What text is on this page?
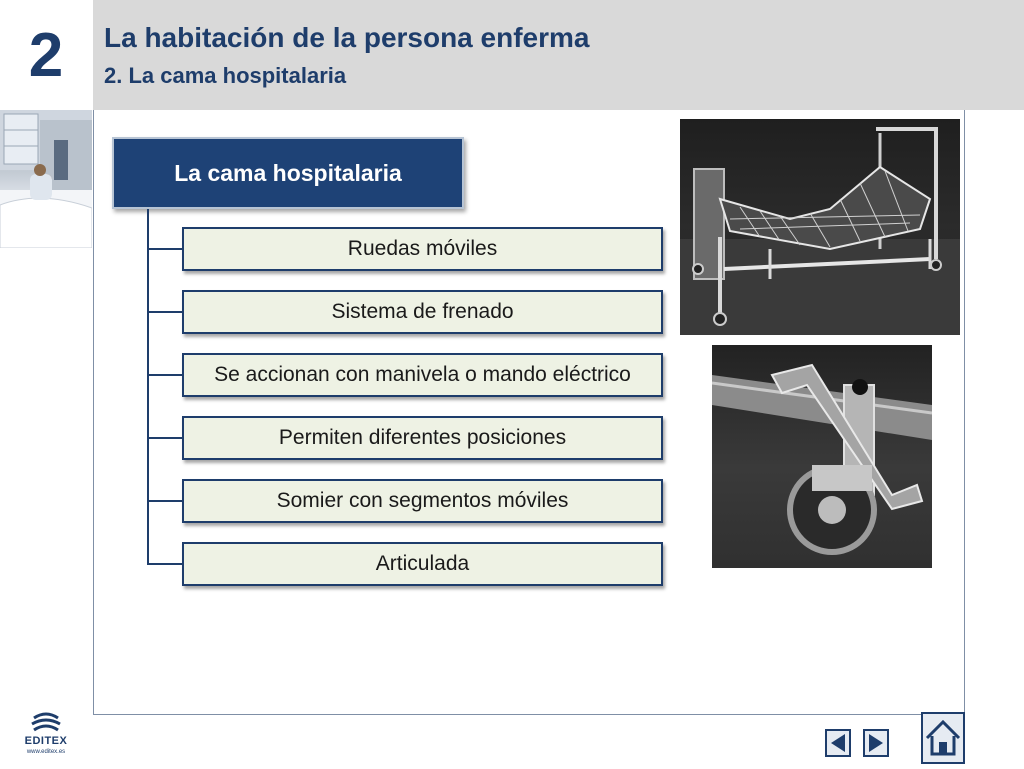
2	La habitación de la persona enferma
2. La cama hospitalaria
La cama hospitalaria
Ruedas móviles
Sistema de frenado
Se accionan con manivela o mando eléctrico
Permiten diferentes posiciones
Somier con segmentos móviles
Articulada
EDITEX
www.editex.es
